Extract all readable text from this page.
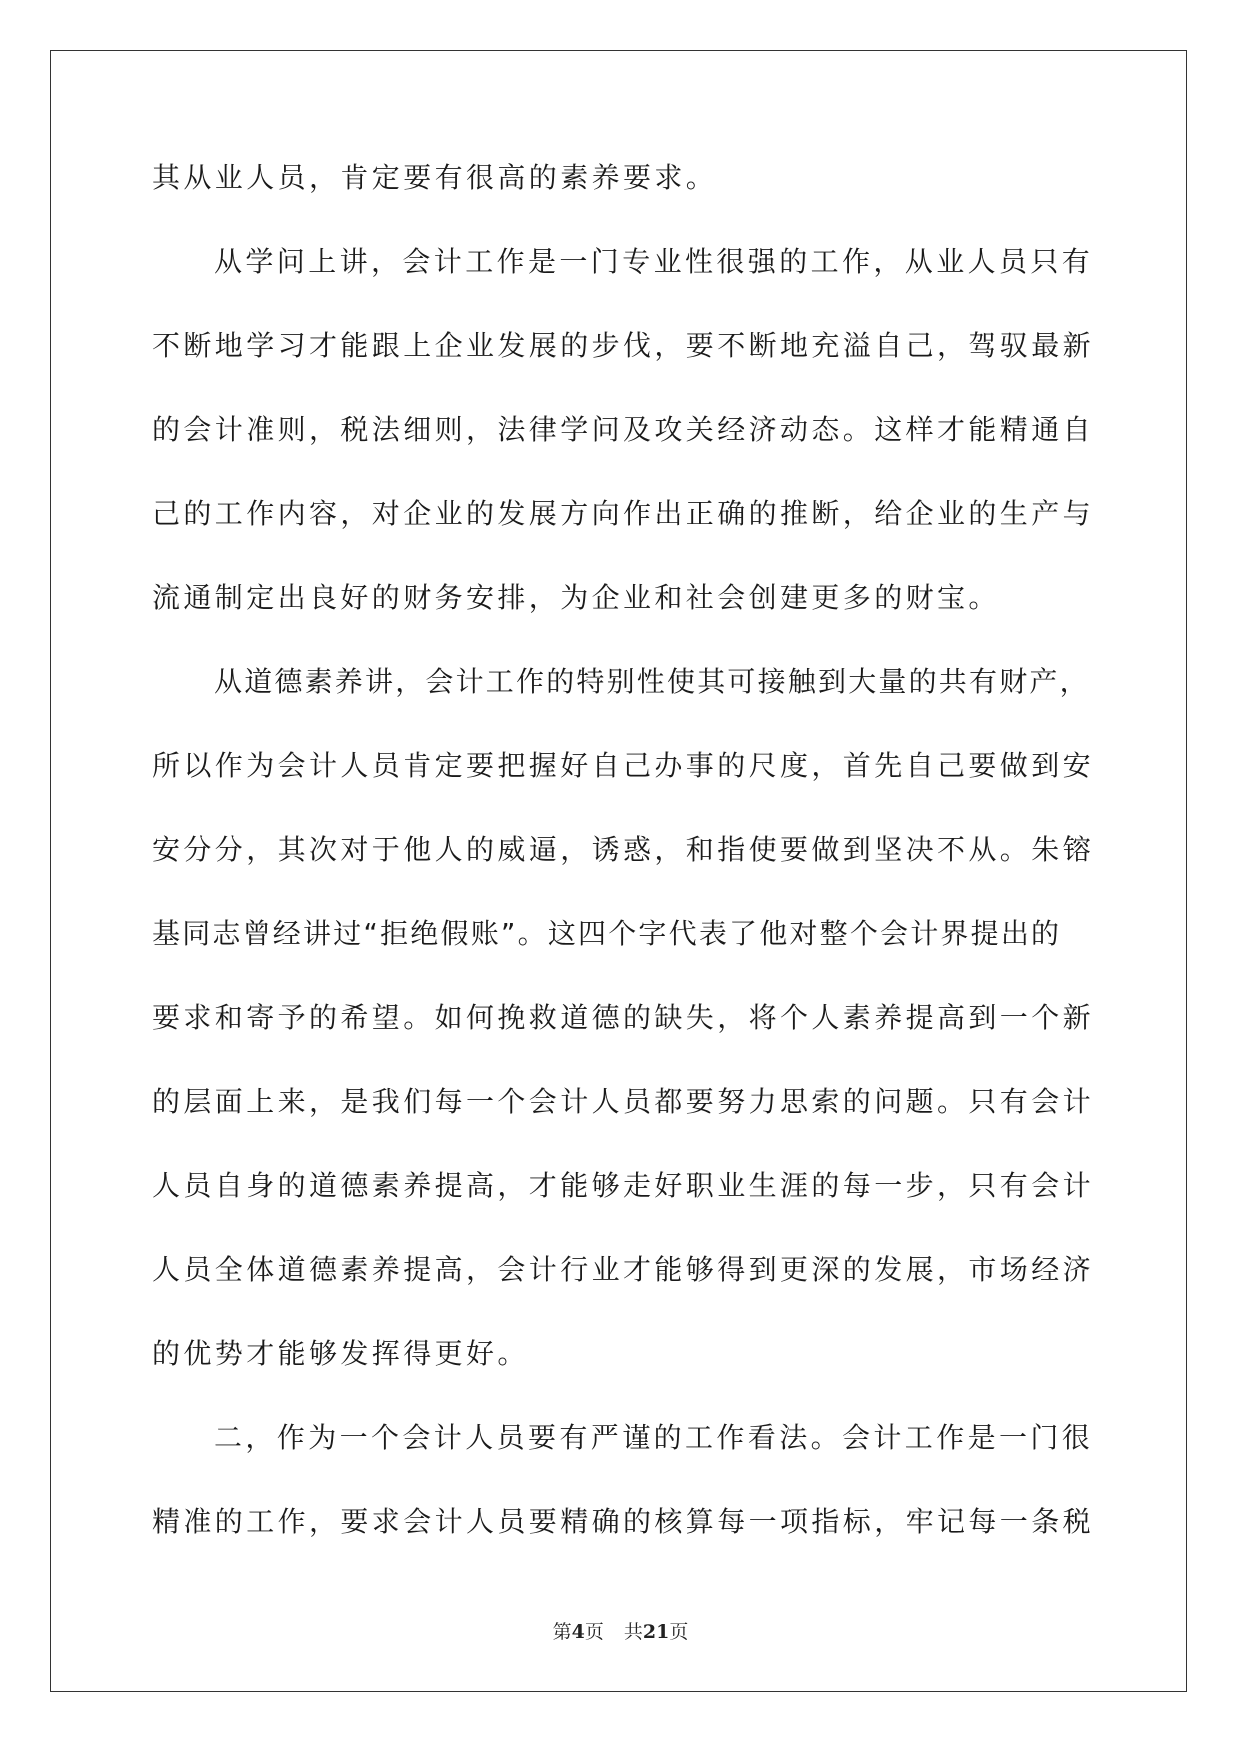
其从业人员，肯定要有很高的素养要求。
从学问上讲，会计工作是一门专业性很强的工作，从业人员只有
不断地学习才能跟上企业发展的步伐，要不断地充溢自己，驾驭最新
的会计准则，税法细则，法律学问及攻关经济动态。这样才能精通自
己的工作内容，对企业的发展方向作出正确的推断，给企业的生产与
流通制定出良好的财务安排，为企业和社会创建更多的财宝。
从道德素养讲，会计工作的特别性使其可接触到大量的共有财产，
所以作为会计人员肯定要把握好自己办事的尺度，首先自己要做到安
安分分，其次对于他人的威逼，诱惑，和指使要做到坚决不从。朱镕
基同志曾经讲过“拒绝假账”。这四个字代表了他对整个会计界提出的
要求和寄予的希望。如何挽救道德的缺失，将个人素养提高到一个新
的层面上来，是我们每一个会计人员都要努力思索的问题。只有会计
人员自身的道德素养提高，才能够走好职业生涯的每一步，只有会计
人员全体道德素养提高，会计行业才能够得到更深的发展，市场经济
的优势才能够发挥得更好。
二，作为一个会计人员要有严谨的工作看法。会计工作是一门很
精准的工作，要求会计人员要精确的核算每一项指标，牢记每一条税
第4页 共21页
